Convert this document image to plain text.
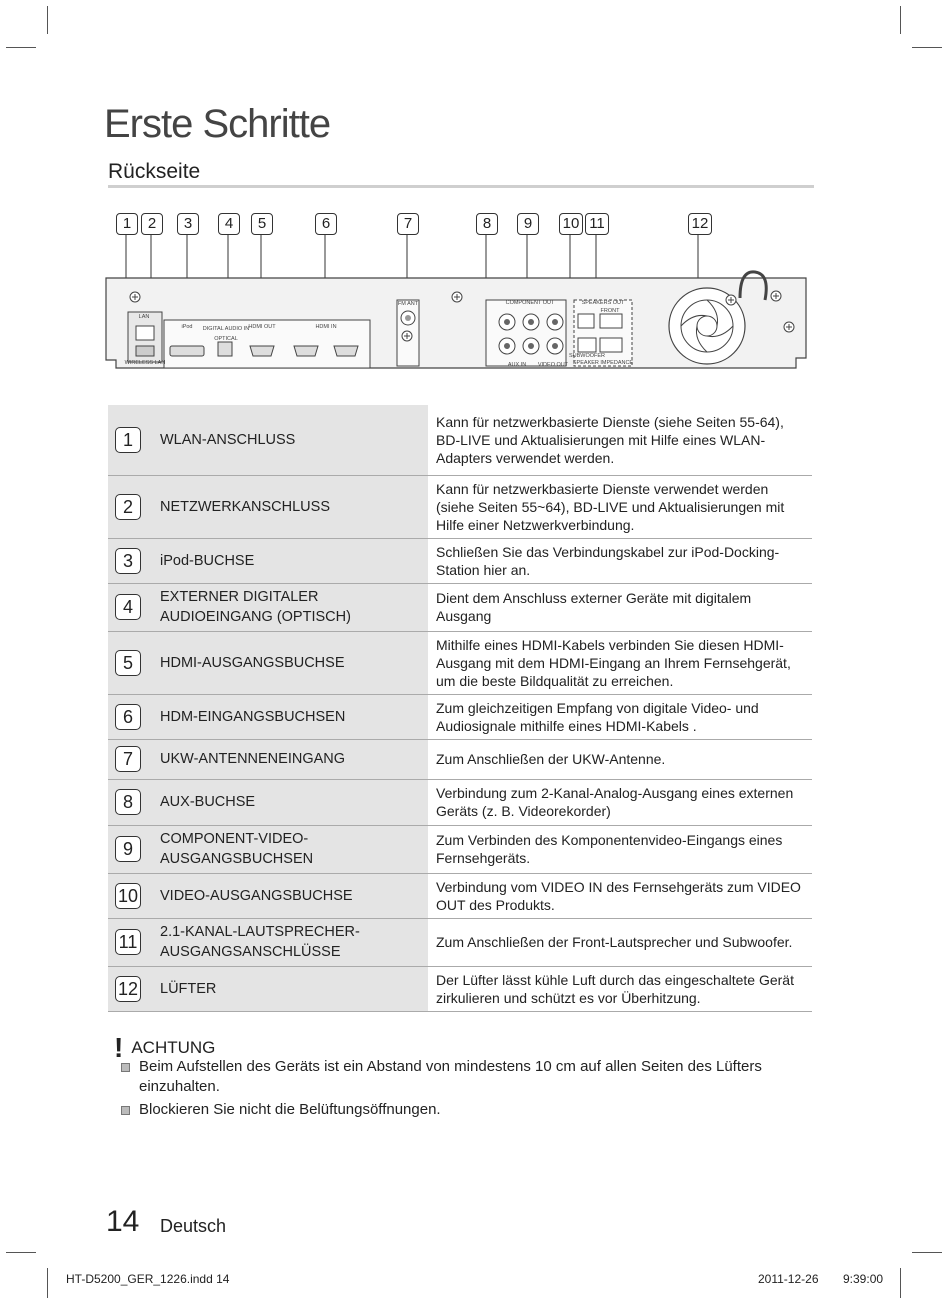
Erste Schritte
Rückseite
1	2	3	4	5	6	7	8	9	10 11	12
LAN
WIRELESS LAN
iPod DIGITAL AUDIO IN
OPTICAL
HDMI OUT	HDMI IN
FM ANT	COMPONENT OUT	SPEAKERS OUT
FRONT
SUBWOOFER
AUX IN VIDEO OUT SPEAKER IMPEDANCE
1	WLAN-ANSCHLUSS	Kann für netzwerkbasierte Dienste (siehe Seiten 55-64), BD-LIVE und Aktualisierungen mit Hilfe eines WLAN-Adapters verwendet werden.
2	NETZWERKANSCHLUSS	Kann für netzwerkbasierte Dienste verwendet werden (siehe Seiten 55~64), BD-LIVE und Aktualisierungen mit Hilfe einer Netzwerkverbindung.
3	iPod-BUCHSE	Schließen Sie das Verbindungskabel zur iPod-Docking-Station hier an.
4	EXTERNER DIGITALER AUDIOEINGANG (OPTISCH)	Dient dem Anschluss externer Geräte mit digitalem Ausgang
5	HDMI-AUSGANGSBUCHSE	Mithilfe eines HDMI-Kabels verbinden Sie diesen HDMI-Ausgang mit dem HDMI-Eingang an Ihrem Fernsehgerät, um die beste Bildqualität zu erreichen.
6	HDM-EINGANGSBUCHSEN	Zum gleichzeitigen Empfang von digitale Video- und Audiosignale mithilfe eines HDMI-Kabels .
7	UKW-ANTENNENEINGANG	Zum Anschließen der UKW-Antenne.
8	AUX-BUCHSE	Verbindung zum 2-Kanal-Analog-Ausgang eines externen Geräts (z. B. Videorekorder)
9	COMPONENT-VIDEO-AUSGANGSBUCHSEN	Zum Verbinden des Komponentenvideo-Eingangs eines Fernsehgeräts.
10	VIDEO-AUSGANGSBUCHSE	Verbindung vom VIDEO IN des Fernsehgeräts zum VIDEO OUT des Produkts.
11	2.1-KANAL-LAUTSPRECHER-AUSGANGSANSCHLÜSSE	Zum Anschließen der Front-Lautsprecher und Subwoofer.
12	LÜFTER	Der Lüfter lässt kühle Luft durch das eingeschaltete Gerät zirkulieren und schützt es vor Überhitzung.
! ACHTUNG
Beim Aufstellen des Geräts ist ein Abstand von mindestens 10 cm auf allen Seiten des Lüfters einzuhalten.
Blockieren Sie nicht die Belüftungsöffnungen.
14 Deutsch
HT-D5200_GER_1226.indd 14	2011-12-26 9:39:00
